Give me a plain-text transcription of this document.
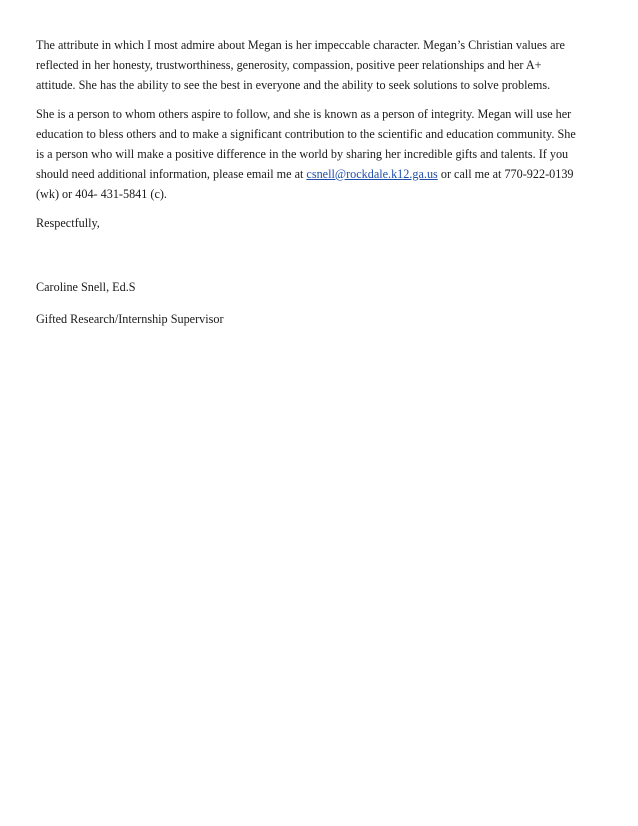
The attribute in which I most admire about Megan is her impeccable character. Megan’s Christian values are
reflected in her honesty, trustworthiness, generosity, compassion, positive peer relationships and her A+
attitude. She has the ability to see the best in everyone and the ability to seek solutions to solve problems.
She is a person to whom others aspire to follow, and she is known as a person of integrity. Megan will use her
education to bless others and to make a significant contribution to the scientific and education community. She
is a person who will make a positive difference in the world by sharing her incredible gifts and talents. If you
should need additional information, please email me at csnell@rockdale.k12.ga.us or call me at 770-922-0139
(wk) or 404- 431-5841 (c).
Respectfully,
Caroline Snell, Ed.S
Gifted Research/Internship Supervisor
